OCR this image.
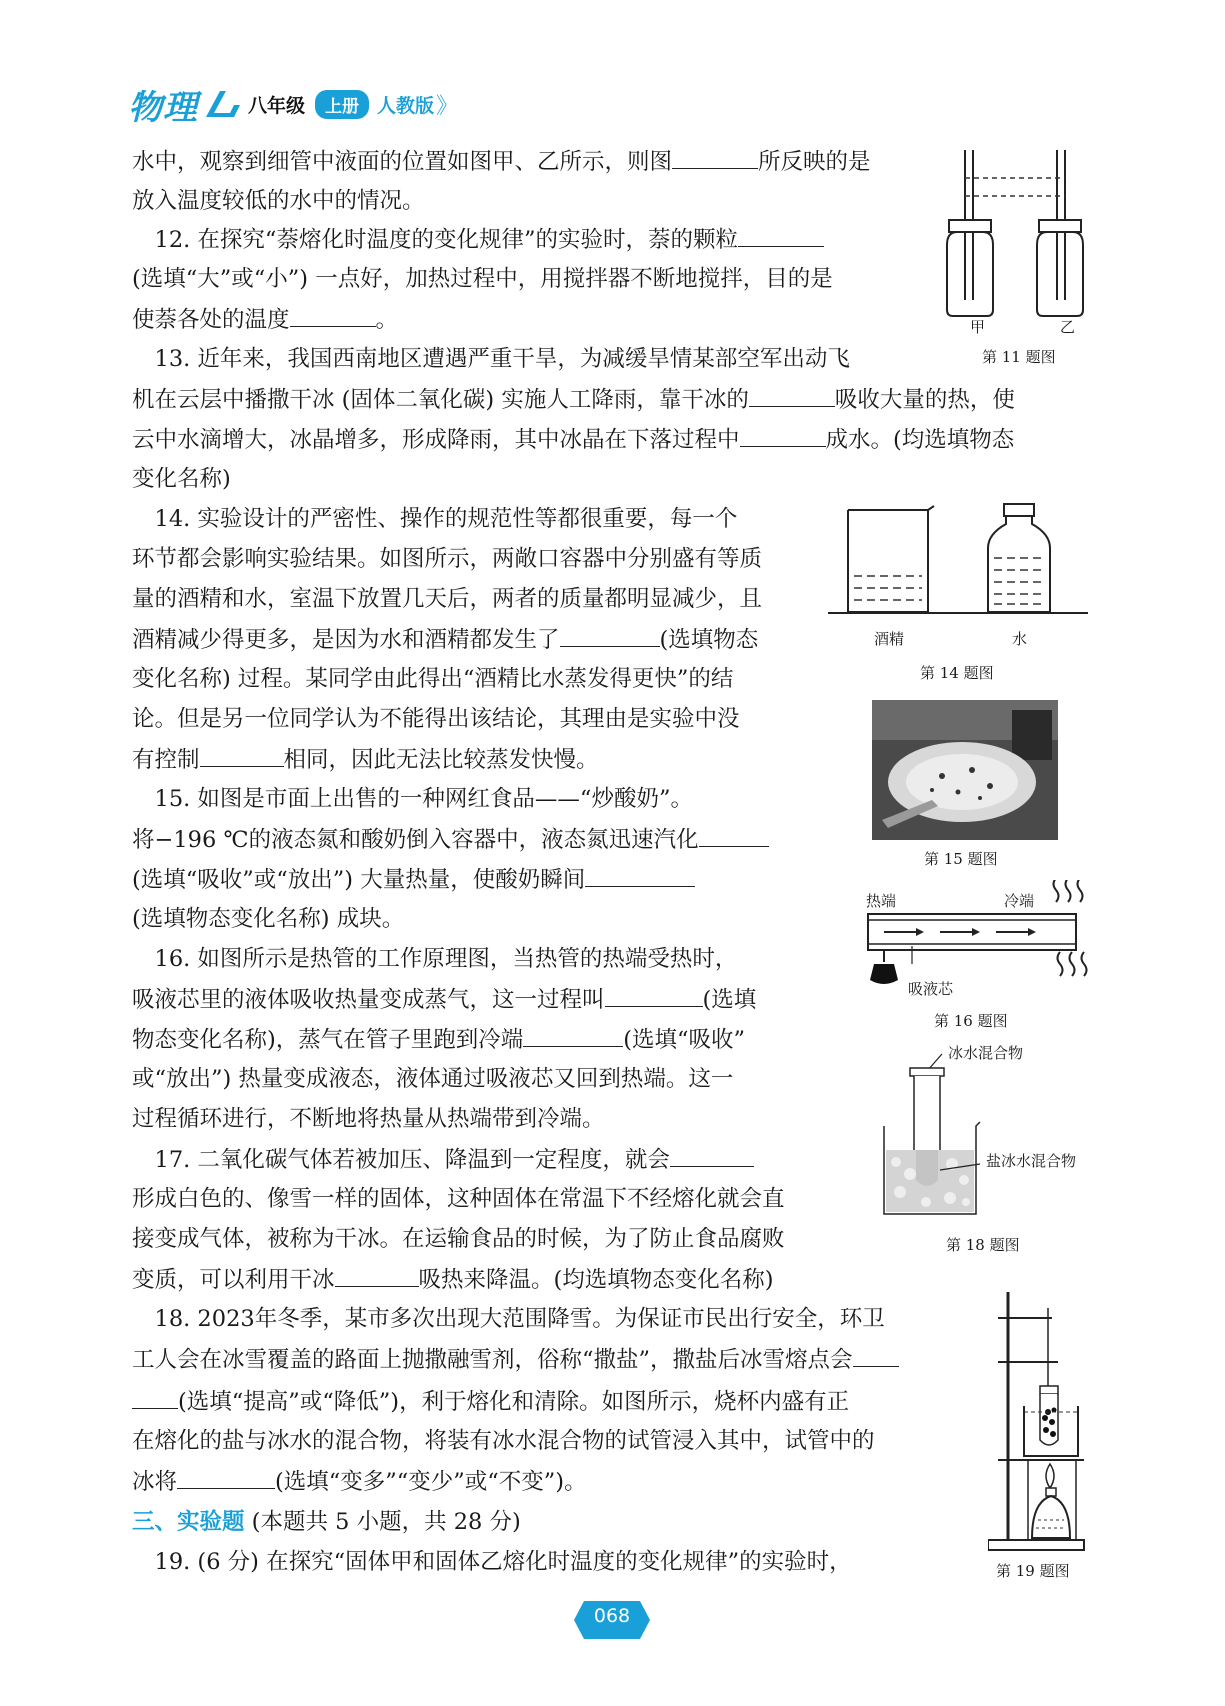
物理	八年级	上册 人教版 》
水中，观察到细管中液面的位置如图甲、乙所示，则图	所反映的是
放入温度较低的水中的情况。
　12. 在探究“萘熔化时温度的变化规律”的实验时，萘的颗粒
(选填“大”或“小”) 一点好，加热过程中，用搅拌器不断地搅拌，目的是
使萘各处的温度	。
　13. 近年来，我国西南地区遭遇严重干旱，为减缓旱情某部空军出动飞
机在云层中播撒干冰 (固体二氧化碳) 实施人工降雨，靠干冰的	吸收大量的热，使
云中水滴增大，冰晶增多，形成降雨，其中冰晶在下落过程中	成水。(均选填物态
变化名称)
　14. 实验设计的严密性、操作的规范性等都很重要，每一个
环节都会影响实验结果。如图所示，两敞口容器中分别盛有等质
量的酒精和水，室温下放置几天后，两者的质量都明显减少，且
酒精减少得更多，是因为水和酒精都发生了	(选填物态
变化名称) 过程。某同学由此得出“酒精比水蒸发得更快”的结
论。但是另一位同学认为不能得出该结论，其理由是实验中没
有控制	相同，因此无法比较蒸发快慢。
　15. 如图是市面上出售的一种网红食品——“炒酸奶”。
将−196 ℃的液态氮和酸奶倒入容器中，液态氮迅速汽化
(选填“吸收”或“放出”) 大量热量，使酸奶瞬间
(选填物态变化名称) 成块。
　16. 如图所示是热管的工作原理图，当热管的热端受热时，
吸液芯里的液体吸收热量变成蒸气，这一过程叫	(选填
物态变化名称)，蒸气在管子里跑到冷端	(选填“吸收”
或“放出”) 热量变成液态，液体通过吸液芯又回到热端。这一
过程循环进行，不断地将热量从热端带到冷端。
　17. 二氧化碳气体若被加压、降温到一定程度，就会
形成白色的、像雪一样的固体，这种固体在常温下不经熔化就会直
接变成气体，被称为干冰。在运输食品的时候，为了防止食品腐败
变质，可以利用干冰	吸热来降温。(均选填物态变化名称)
　18. 2023年冬季，某市多次出现大范围降雪。为保证市民出行安全，环卫
工人会在冰雪覆盖的路面上抛撒融雪剂，俗称“撒盐”，撒盐后冰雪熔点会
(选填“提高”或“降低”)，利于熔化和清除。如图所示，烧杯内盛有正
在熔化的盐与冰水的混合物，将装有冰水混合物的试管浸入其中，试管中的
冰将	(选填“变多”“变少”或“不变”)。
三、实验题 (本题共 5 小题，共 28 分)
　19. (6 分) 在探究“固体甲和固体乙熔化时温度的变化规律”的实验时，
甲	乙
第 11 题图
酒精	水
第 14 题图
第 15 题图
热端	冷端
吸液芯
第 16 题图
冰水混合物
盐冰水混合物
第 18 题图
第 19 题图
068
